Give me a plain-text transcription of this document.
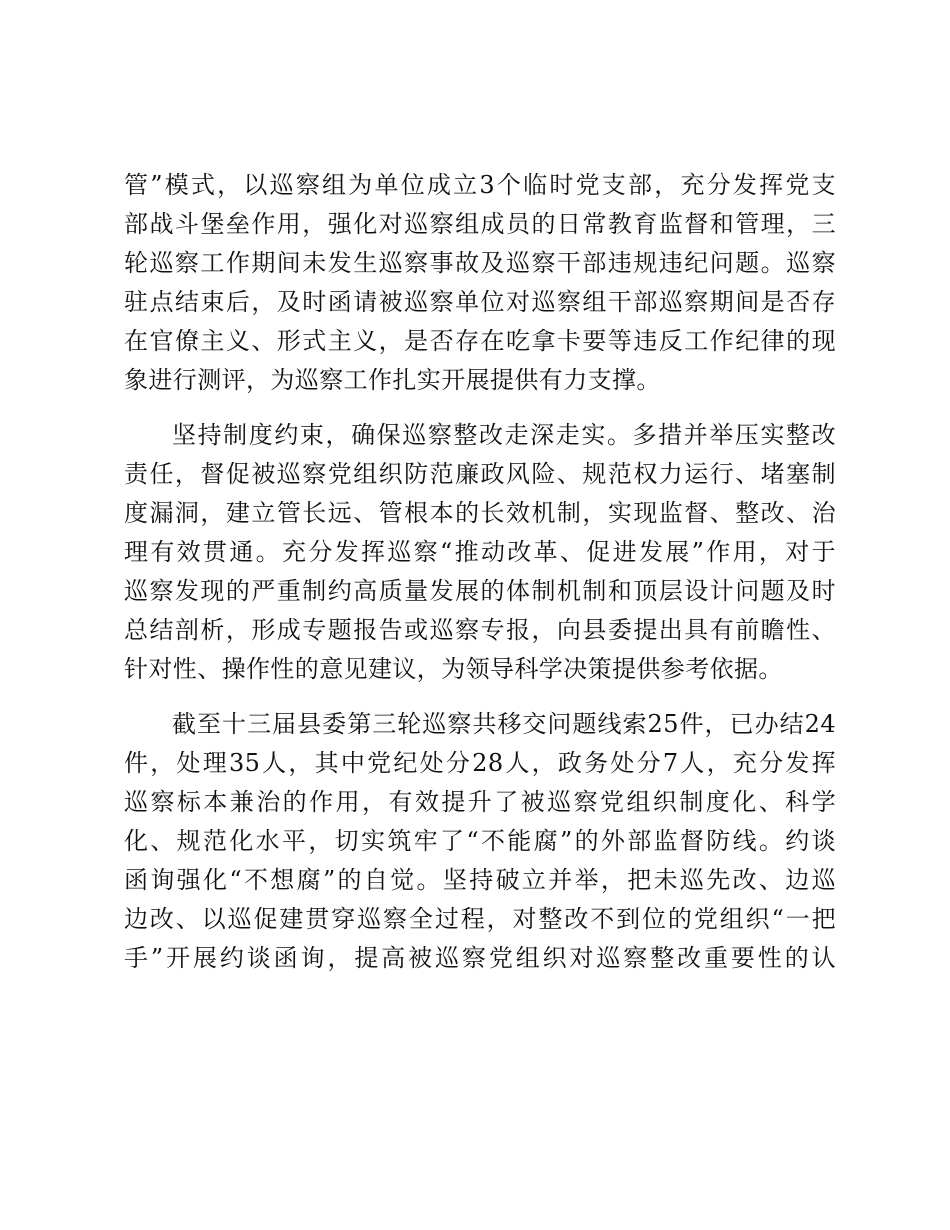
管”模式，以巡察组为单位成立3个临时党支部，充分发挥党支
部战斗堡垒作用，强化对巡察组成员的日常教育监督和管理，三
轮巡察工作期间未发生巡察事故及巡察干部违规违纪问题。巡察
驻点结束后，及时函请被巡察单位对巡察组干部巡察期间是否存
在官僚主义、形式主义，是否存在吃拿卡要等违反工作纪律的现
象进行测评，为巡察工作扎实开展提供有力支撑。
坚持制度约束，确保巡察整改走深走实。多措并举压实整改
责任，督促被巡察党组织防范廉政风险、规范权力运行、堵塞制
度漏洞，建立管长远、管根本的长效机制，实现监督、整改、治
理有效贯通。充分发挥巡察“推动改革、促进发展”作用，对于
巡察发现的严重制约高质量发展的体制机制和顶层设计问题及时
总结剖析，形成专题报告或巡察专报，向县委提出具有前瞻性、
针对性、操作性的意见建议，为领导科学决策提供参考依据。
截至十三届县委第三轮巡察共移交问题线索25件，已办结24
件，处理35人，其中党纪处分28人，政务处分7人，充分发挥
巡察标本兼治的作用，有效提升了被巡察党组织制度化、科学
化、规范化水平，切实筑牢了“不能腐”的外部监督防线。约谈
函询强化“不想腐”的自觉。坚持破立并举，把未巡先改、边巡
边改、以巡促建贯穿巡察全过程，对整改不到位的党组织“一把
手”开展约谈函询，提高被巡察党组织对巡察整改重要性的认
